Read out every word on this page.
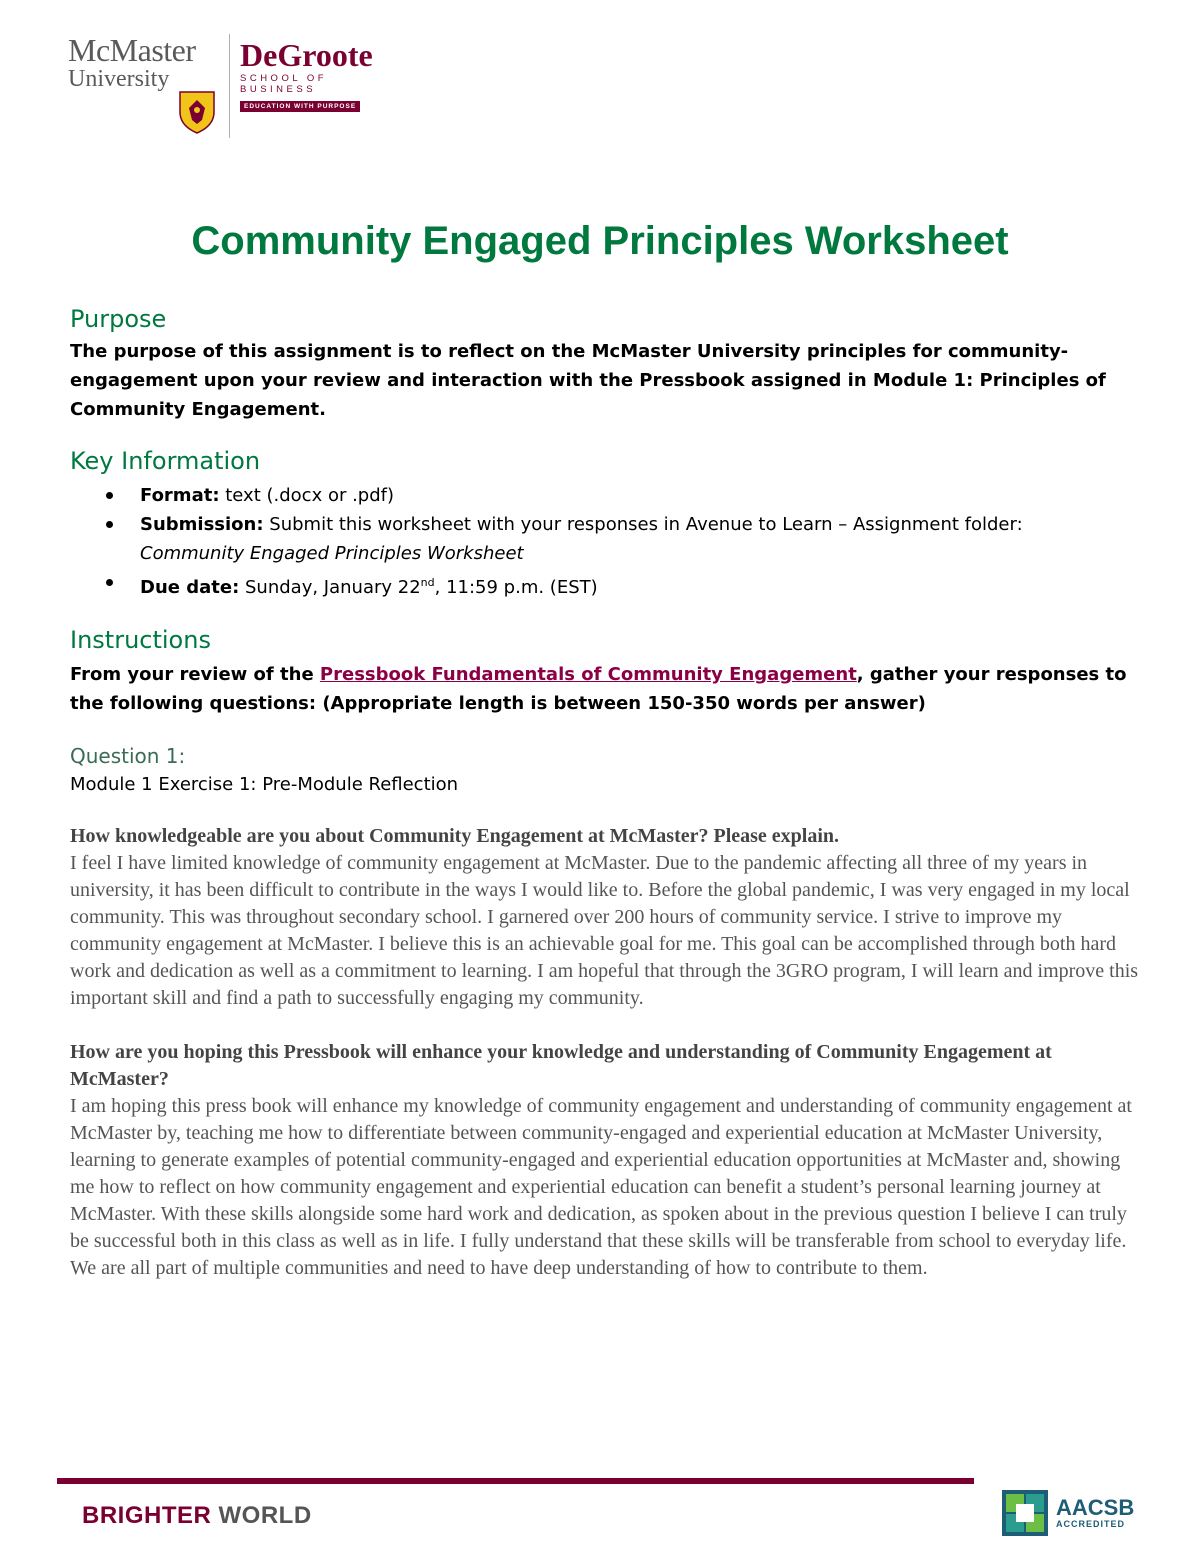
McMaster
University
DeGroote
SCHOOL OF BUSINESS
EDUCATION WITH PURPOSE
Community Engaged Principles Worksheet
Purpose

The purpose of this assignment is to reflect on the McMaster University principles for community-engagement upon your review and interaction with the Pressbook assigned in Module 1: Principles of Community Engagement.

Key Information
Format: text (.docx or .pdf)
Submission: Submit this worksheet with your responses in Avenue to Learn – Assignment folder:
Community Engaged Principles Worksheet
Due date: Sunday, January 22nd, 11:59 p.m. (EST)
Instructions

From your review of the Pressbook Fundamentals of Community Engagement, gather your responses to the following questions: (Appropriate length is between 150-350 words per answer)

Question 1:

Module 1 Exercise 1: Pre-Module Reflection

How knowledgeable are you about Community Engagement at McMaster? Please explain.

I feel I have limited knowledge of community engagement at McMaster. Due to the pandemic affecting all three of my years in university, it has been difficult to contribute in the ways I would like to. Before the global pandemic, I was very engaged in my local community. This was throughout secondary school. I garnered over 200 hours of community service. I strive to improve my community engagement at McMaster. I believe this is an achievable goal for me. This goal can be accomplished through both hard work and dedication as well as a commitment to learning. I am hopeful that through the 3GRO program, I will learn and improve this important skill and find a path to successfully engaging my community.

How are you hoping this Pressbook will enhance your knowledge and understanding of Community Engagement at McMaster?

I am hoping this press book will enhance my knowledge of community engagement and understanding of community engagement at McMaster by, teaching me how to differentiate between community-engaged and experiential education at McMaster University, learning to generate examples of potential community-engaged and experiential education opportunities at McMaster and, showing me how to reflect on how community engagement and experiential education can benefit a student’s personal learning journey at McMaster. With these skills alongside some hard work and dedication, as spoken about in the previous question I believe I can truly be successful both in this class as well as in life. I fully understand that these skills will be transferable from school to everyday life. We are all part of multiple communities and need to have deep understanding of how to contribute to them.

BRIGHTER WORLD	AACSB
ACCREDITED
